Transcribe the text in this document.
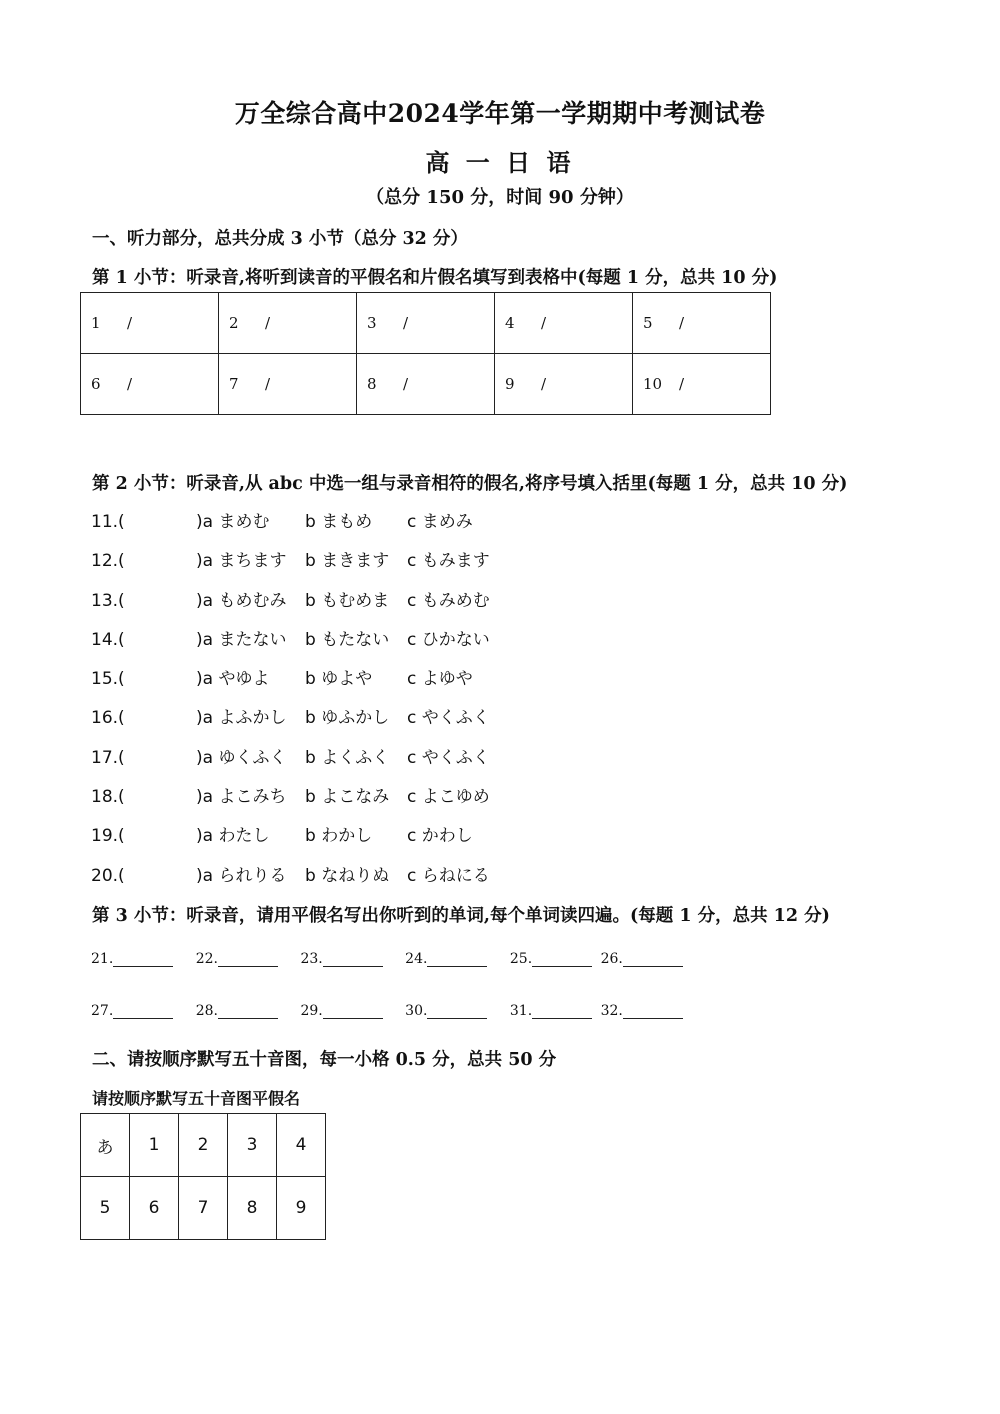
万全综合高中2024学年第一学期期中考测试卷
高 一 日 语
（总分 150 分，时间 90 分钟）
一、听力部分，总共分成 3 小节（总分 32 分）
第 1 小节：听录音,将听到读音的平假名和片假名填写到表格中(每题 1 分，总共 10 分)
1 /	2 /	3 /	4 /	5 /
6 /	7 /	8 /	9 /	10 /
第 2 小节：听录音,从 abc 中选一组与录音相符的假名,将序号填入括里(每题 1 分，总共 10 分)
11.(	)a まめむ b まもめ c まめみ
12.(	)a まちます b まきます c もみます
13.(	)a もめむみ b もむめま c もみめむ
14.(	)a またない b もたない c ひかない
15.(	)a やゆよ b ゆよや c よゆや
16.(	)a よふかし b ゆふかし c やくふく
17.(	)a ゆくふく b よくふく c やくふく
18.(	)a よこみち b よこなみ c よこゆめ
19.(	)a わたし b わかし c かわし
20.(	)a られりる b なねりぬ c らねにる
第 3 小节：听录音，请用平假名写出你听到的单词,每个单词读四遍。(每题 1 分，总共 12 分)
21.	22.	23.	24.	25.	26.
27.	28.	29.	30.	31.	32.
二、请按顺序默写五十音图，每一小格 0.5 分，总共 50 分
请按顺序默写五十音图平假名
あ	1	2	3	4
5	6	7	8	9
